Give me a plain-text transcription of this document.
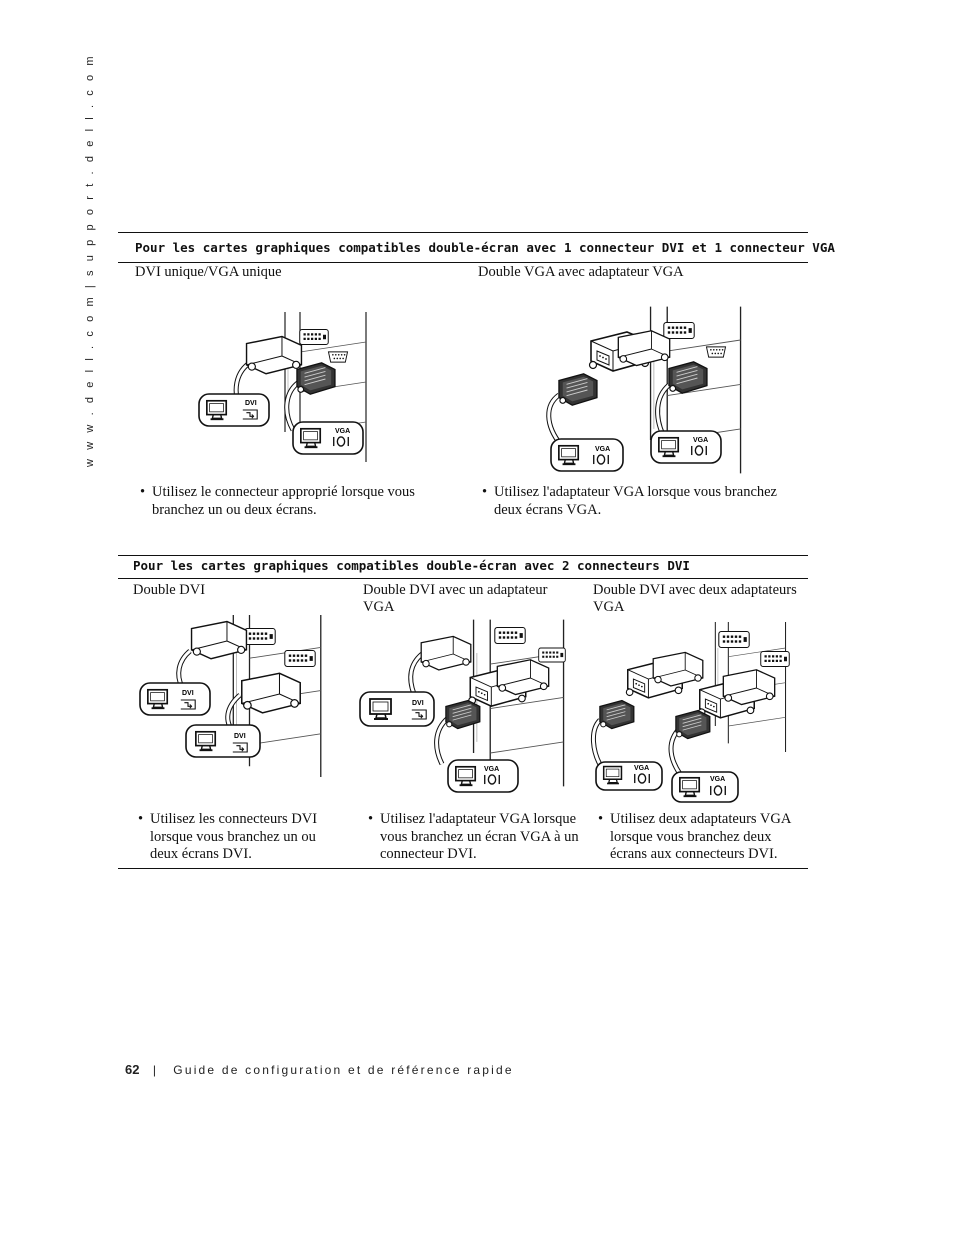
w w w . d e l l . c o m | s u p p o r t . d e l l . c o m	Pour les cartes graphiques compatibles double-écran avec 1 connecteur DVI et 1 connecteur VGA
DVI unique/VGA unique	Double VGA avec adaptateur VGA
DVI
VGA
VGA
VGA
• Utilisez le connecteur approprié lorsque vous branchez un ou deux écrans.
• Utilisez l'adaptateur VGA lorsque vous branchez deux écrans VGA.
Pour les cartes graphiques compatibles double-écran avec 2 connecteurs DVI
Double DVI	Double DVI avec un adaptateur VGA
Double DVI avec deux adaptateurs VGA
DVI
DVI
DVI
VGA	VGA
VGA
• Utilisez les connecteurs DVI lorsque vous branchez un ou deux écrans DVI.
• Utilisez l'adaptateur VGA lorsque vous branchez un écran VGA à un connecteur DVI.
• Utilisez deux adaptateurs VGA lorsque vous branchez deux écrans aux connecteurs DVI.
62 | Guide de configuration et de référence rapide
